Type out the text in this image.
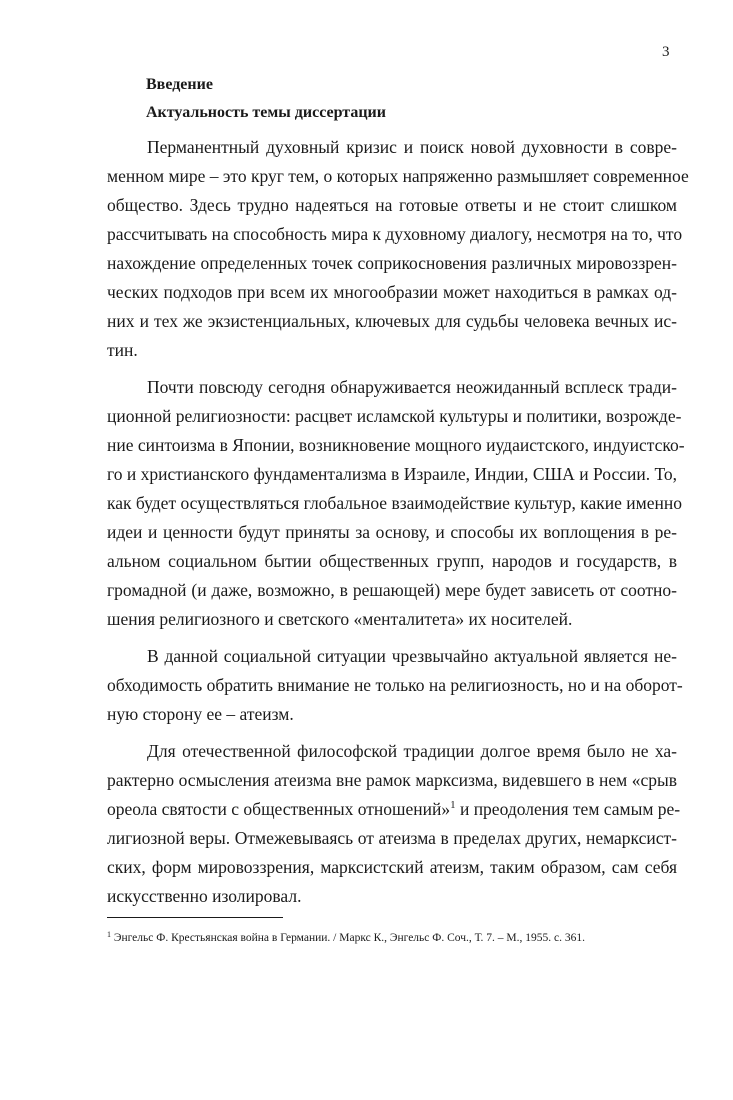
3
Введение
Актуальность темы диссертации
Перманентный духовный кризис и поиск новой духовности в совре-
менном мире – это круг тем, о которых напряженно размышляет современное
общество. Здесь трудно надеяться на готовые ответы и не стоит слишком
рассчитывать на способность мира к духовному диалогу, несмотря на то, что
нахождение определенных точек соприкосновения различных мировоззрен-
ческих подходов при всем их многообразии может находиться в рамках од-
них и тех же экзистенциальных, ключевых для судьбы человека вечных ис-
тин.
Почти повсюду сегодня обнаруживается неожиданный всплеск тради-
ционной религиозности: расцвет исламской культуры и политики, возрожде-
ние синтоизма в Японии, возникновение мощного иудаистского, индуистско-
го и христианского фундаментализма в Израиле, Индии, США и России. То,
как будет осуществляться глобальное взаимодействие культур, какие именно
идеи и ценности будут приняты за основу, и способы их воплощения в ре-
альном социальном бытии общественных групп, народов и государств, в
громадной (и даже, возможно, в решающей) мере будет зависеть от соотно-
шения религиозного и светского «менталитета» их носителей.
В данной социальной ситуации чрезвычайно актуальной является не-
обходимость обратить внимание не только на религиозность, но и на оборот-
ную сторону ее – атеизм.
Для отечественной философской традиции долгое время было не ха-
рактерно осмысления атеизма вне рамок марксизма, видевшего в нем «срыв
ореола святости с общественных отношений»$^1$ и преодоления тем самым ре-
лигиозной веры. Отмежевываясь от атеизма в пределах других, немарксист-
ских, форм мировоззрения, марксистский атеизм, таким образом, сам себя
искусственно изолировал.
$^1$ Энгельс Ф. Крестьянская война в Германии. / Маркс К., Энгельс Ф. Соч., Т. 7. – М., 1955. с. 361.
